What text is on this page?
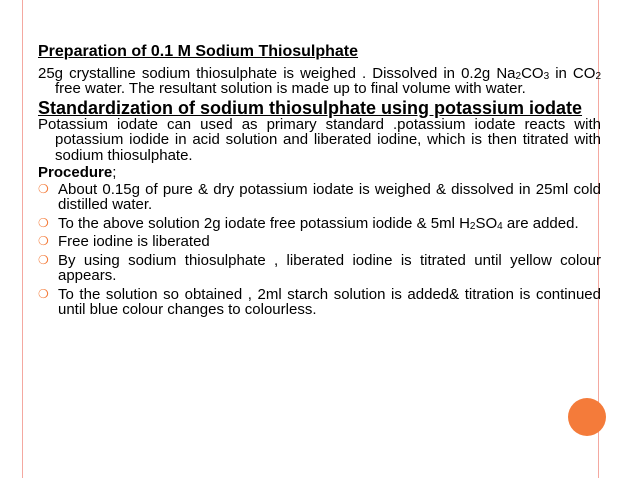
Preparation of 0.1 M Sodium Thiosulphate

25g crystalline sodium thiosulphate is weighed . Dissolved in 0.2g $Na_2CO_3$ in $CO_2$ free water. The resultant solution is made up to final volume with water.

Standardization of sodium thiosulphate using potassium iodate

Potassium iodate can used as primary standard .potassium iodate reacts with potassium iodide in acid solution and liberated iodine, which is then titrated with sodium thiosulphate.

Procedure;

❍ About 0.15g of pure & dry potassium iodate is weighed & dissolved in 25ml cold distilled water.
❍ To the above solution 2g iodate free potassium iodide & 5ml $H_2SO_4$ are added.
❍ Free iodine is liberated
❍ By using sodium thiosulphate , liberated iodine is titrated until yellow colour appears.
❍ To the solution so obtained , 2ml starch solution is added& titration is continued until blue colour changes to colourless.
